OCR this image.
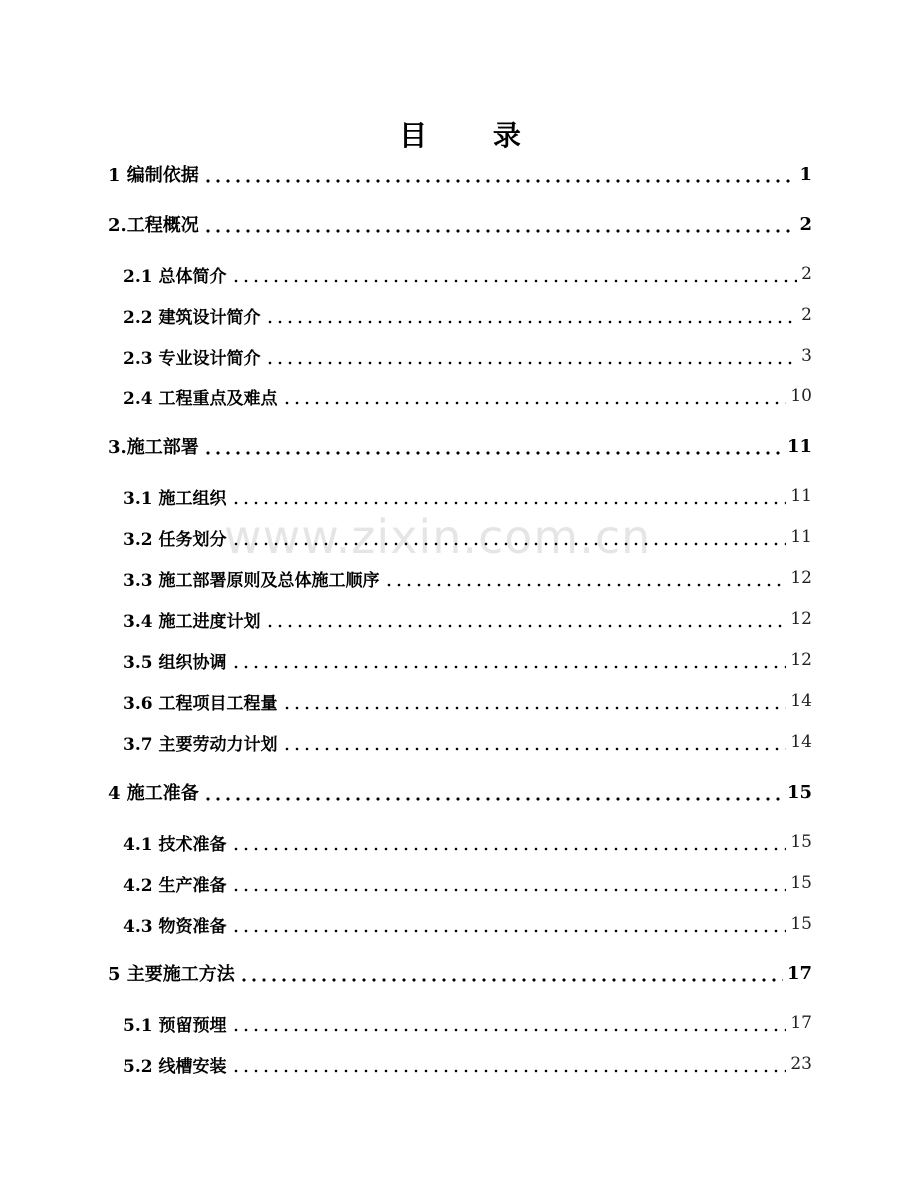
目 录
1 编制依据	1
2.工程概况	2
2.1 总体简介	2
2.2 建筑设计简介	2
2.3 专业设计简介	3
2.4 工程重点及难点	10
3.施工部署	11
3.1 施工组织	11
3.2 任务划分	11
3.3 施工部署原则及总体施工顺序	12
3.4 施工进度计划	12
3.5 组织协调	12
3.6 工程项目工程量	14
3.7 主要劳动力计划	14
4 施工准备	15
4.1 技术准备	15
4.2 生产准备	15
4.3 物资准备	15
5 主要施工方法	17
5.1 预留预埋	17
5.2 线槽安装	23
